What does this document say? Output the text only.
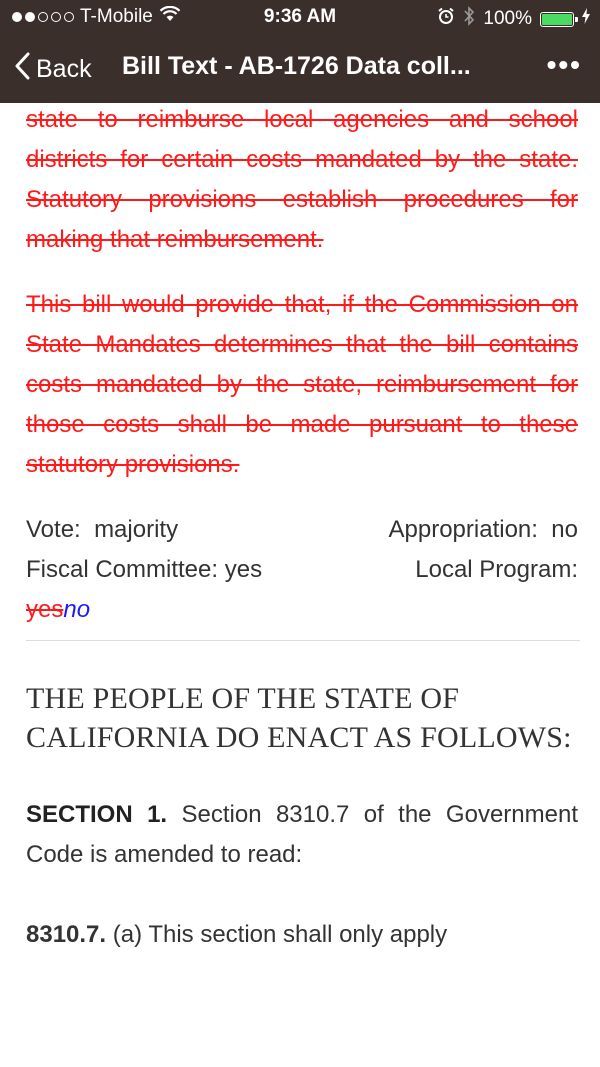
T-Mobile	9:36 AM	100%
Back Bill Text - AB-1726 Data coll...	•••

state to reimburse local agencies and school districts for certain costs mandated by the state. Statutory provisions establish procedures for making that reimbursement.

This bill would provide that, if the Commission on State Mandates determines that the bill contains costs mandated by the state, reimbursement for those costs shall be made pursuant to these statutory provisions.

Vote: majority	Appropriation: no
Fiscal Committee: yes	Local Program:
yesno
THE PEOPLE OF THE STATE OF CALIFORNIA DO ENACT AS FOLLOWS:
SECTION 1. Section 8310.7 of the Government Code is amended to read:
8310.7. (a) This section shall only apply
